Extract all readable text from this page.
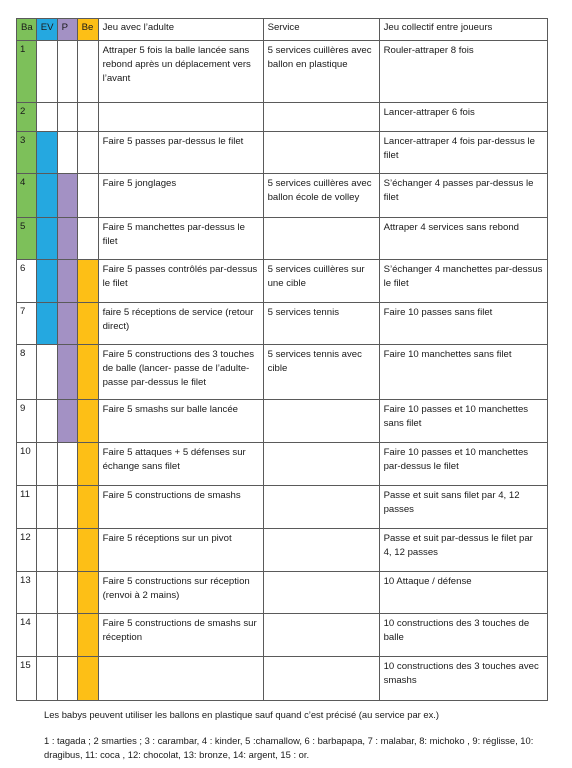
Ba	EV	P	Be	Jeu avec l’adulte	Service	Jeu collectif entre joueurs

1				Attraper 5 fois la balle lancée sans rebond après un déplacement vers l’avant	5 services cuillères avec ballon en plastique	Rouler-attraper 8 fois

2						Lancer-attraper 6 fois

3				Faire 5 passes par-dessus le filet		Lancer-attraper 4 fois par-dessus le filet

4				Faire 5 jonglages	5 services cuillères avec ballon école de volley	S’échanger 4 passes par-dessus le filet

5				Faire 5 manchettes par-dessus le filet		Attraper 4 services sans rebond

6				Faire 5 passes contrôlés par-dessus le filet	5 services cuillères sur une cible	S’échanger 4 manchettes par-dessus le filet

7				faire 5 réceptions de service (retour direct)	5 services tennis	Faire 10 passes sans filet

8				Faire 5 constructions des 3 touches de balle (lancer- passe de l’adulte-passe par-dessus le filet	5 services tennis avec cible	Faire 10 manchettes sans filet

9				Faire 5 smashs sur balle lancée		Faire 10 passes et 10 manchettes sans filet

10				Faire 5 attaques + 5 défenses sur échange sans filet		Faire 10 passes et 10 manchettes par-dessus le filet

11				Faire 5 constructions de smashs		Passe et suit sans filet par 4, 12 passes

12				Faire 5 réceptions sur un pivot		Passe et suit par-dessus le filet par 4, 12 passes

13				Faire 5 constructions sur réception (renvoi à 2 mains)		10 Attaque / défense

14				Faire 5 constructions de smashs sur réception		10 constructions des 3 touches de balle

15						10 constructions des 3 touches avec smashs
Les babys peuvent utiliser les ballons en plastique sauf quand c’est précisé (au service par ex.)
1 : tagada ; 2 smarties ; 3 : carambar, 4 : kinder, 5 :chamallow, 6 : barbapapa, 7 : malabar, 8: michoko , 9: réglisse, 10: dragibus, 11: coca , 12: chocolat, 13: bronze, 14: argent, 15 : or.
